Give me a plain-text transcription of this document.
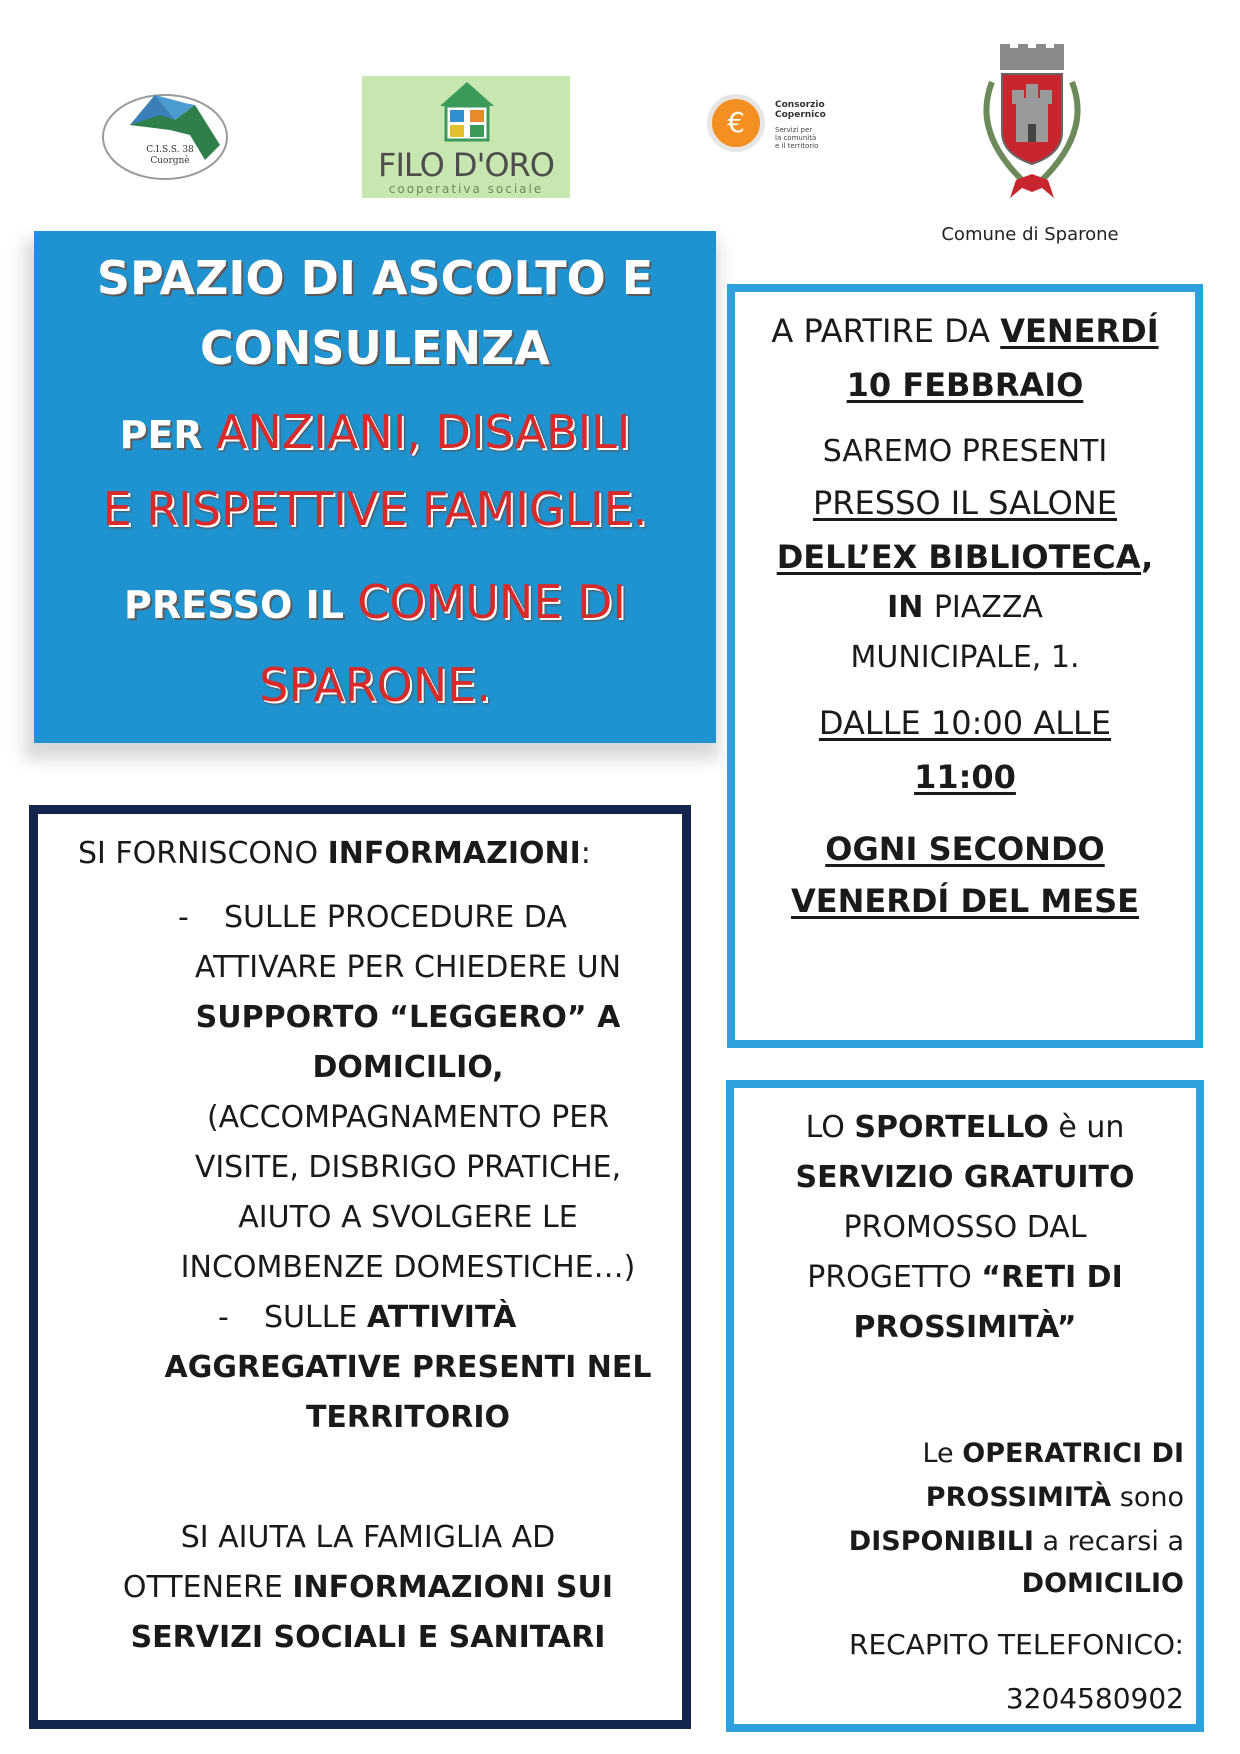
C.I.S.S. 38
Cuorgnè	FILO D'ORO
cooperativa sociale
€
Consorzio
Copernico
Servizi per
la comunità
e il territorio
Comune di Sparone
SPAZIO DI ASCOLTO E
CONSULENZA
PER ANZIANI, DISABILI
E RISPETTIVE FAMIGLIE.
PRESSO IL COMUNE DI
SPARONE.
A PARTIRE DA VENERDÍ
10 FEBBRAIO
SAREMO PRESENTI
PRESSO IL SALONE
DELL’EX BIBLIOTECA,
IN PIAZZA
MUNICIPALE, 1.
DALLE 10:00 ALLE
11:00
OGNI SECONDO
VENERDÍ DEL MESE
SI FORNISCONO INFORMAZIONI:
- SULLE PROCEDURE DA
ATTIVARE PER CHIEDERE UN
SUPPORTO “LEGGERO” A
DOMICILIO,
(ACCOMPAGNAMENTO PER
VISITE, DISBRIGO PRATICHE,
AIUTO A SVOLGERE LE
INCOMBENZE DOMESTICHE…)
- SULLE ATTIVITÀ
AGGREGATIVE PRESENTI NEL
TERRITORIO
SI AIUTA LA FAMIGLIA AD
OTTENERE INFORMAZIONI SUI
SERVIZI SOCIALI E SANITARI
LO SPORTELLO è un
SERVIZIO GRATUITO
PROMOSSO DAL
PROGETTO “RETI DI
PROSSIMITÀ”
Le OPERATRICI DI
PROSSIMITÀ sono
DISPONIBILI a recarsi a
DOMICILIO
RECAPITO TELEFONICO:
3204580902
